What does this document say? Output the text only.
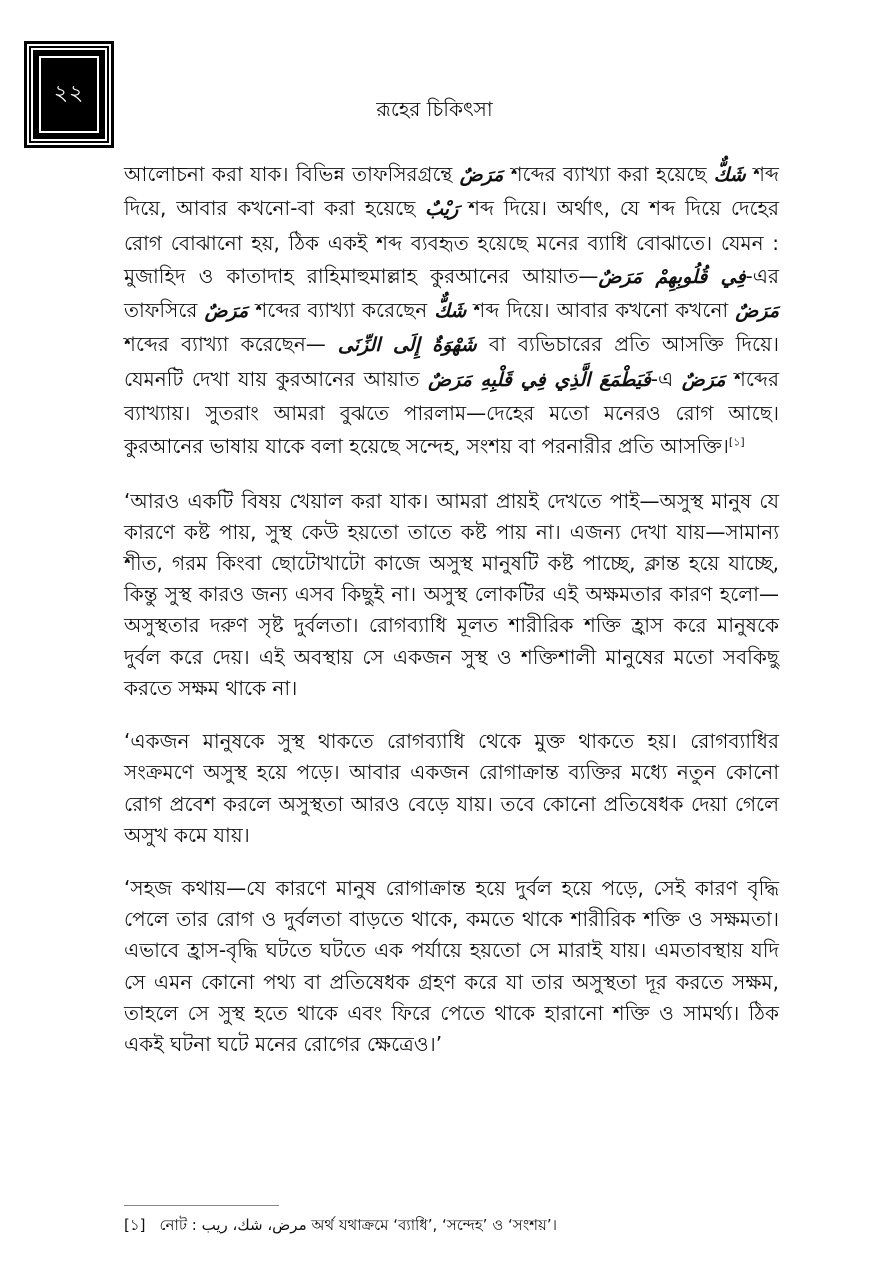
২২
রূহের চিকিৎসা

আলোচনা করা যাক। বিভিন্ন তাফসিরগ্রন্থে مَرَضٌ শব্দের ব্যাখ্যা করা হয়েছে شَكٌّ শব্দ দিয়ে, আবার কখনো-বা করা হয়েছে رَيْبٌ শব্দ দিয়ে। অর্থাৎ, যে শব্দ দিয়ে দেহের রোগ বোঝানো হয়, ঠিক একই শব্দ ব্যবহৃত হয়েছে মনের ব্যাধি বোঝাতে। যেমন : মুজাহিদ ও কাতাদাহ রাহিমাহুমাল্লাহ কুরআনের আয়াত—فِي قُلُوبِهِمْ مَرَضٌ-এর তাফসিরে مَرَضٌ শব্দের ব্যাখ্যা করেছেন شَكٌّ শব্দ দিয়ে। আবার কখনো কখনো مَرَضٌ শব্দের ব্যাখ্যা করেছেন— شَهْوَةٌ إِلَى الزِّنَى বা ব্যভিচারের প্রতি আসক্তি দিয়ে। যেমনটি দেখা যায় কুরআনের আয়াত فَيَطْمَعَ الَّذِي فِي قَلْبِهِ مَرَضٌ-এ مَرَضٌ শব্দের ব্যাখ্যায়। সুতরাং আমরা বুঝতে পারলাম—দেহের মতো মনেরও রোগ আছে। কুরআনের ভাষায় যাকে বলা হয়েছে সন্দেহ, সংশয় বা পরনারীর প্রতি আসক্তি।[১]

‘আরও একটি বিষয় খেয়াল করা যাক। আমরা প্রায়ই দেখতে পাই—অসুস্থ মানুষ যে কারণে কষ্ট পায়, সুস্থ কেউ হয়তো তাতে কষ্ট পায় না। এজন্য দেখা যায়—সামান্য শীত, গরম কিংবা ছোটোখাটো কাজে অসুস্থ মানুষটি কষ্ট পাচ্ছে, ক্লান্ত হয়ে যাচ্ছে, কিন্তু সুস্থ কারও জন্য এসব কিছুই না। অসুস্থ লোকটির এই অক্ষমতার কারণ হলো—অসুস্থতার দরুণ সৃষ্ট দুর্বলতা। রোগব্যাধি মূলত শারীরিক শক্তি হ্রাস করে মানুষকে দুর্বল করে দেয়। এই অবস্থায় সে একজন সুস্থ ও শক্তিশালী মানুষের মতো সবকিছু করতে সক্ষম থাকে না।

‘একজন মানুষকে সুস্থ থাকতে রোগব্যাধি থেকে মুক্ত থাকতে হয়। রোগব্যাধির সংক্রমণে অসুস্থ হয়ে পড়ে। আবার একজন রোগাক্রান্ত ব্যক্তির মধ্যে নতুন কোনো রোগ প্রবেশ করলে অসুস্থতা আরও বেড়ে যায়। তবে কোনো প্রতিষেধক দেয়া গেলে অসুখ কমে যায়।

‘সহজ কথায়—যে কারণে মানুষ রোগাক্রান্ত হয়ে দুর্বল হয়ে পড়ে, সেই কারণ বৃদ্ধি পেলে তার রোগ ও দুর্বলতা বাড়তে থাকে, কমতে থাকে শারীরিক শক্তি ও সক্ষমতা। এভাবে হ্রাস-বৃদ্ধি ঘটতে ঘটতে এক পর্যায়ে হয়তো সে মারাই যায়। এমতাবস্থায় যদি সে এমন কোনো পথ্য বা প্রতিষেধক গ্রহণ করে যা তার অসুস্থতা দূর করতে সক্ষম, তাহলে সে সুস্থ হতে থাকে এবং ফিরে পেতে থাকে হারানো শক্তি ও সামর্থ্য। ঠিক একই ঘটনা ঘটে মনের রোগের ক্ষেত্রেও।’

[১] নোট : مرض، شك، ريب অর্থ যথাক্রমে ‘ব্যাধি’, ‘সন্দেহ’ ও ‘সংশয়’।
